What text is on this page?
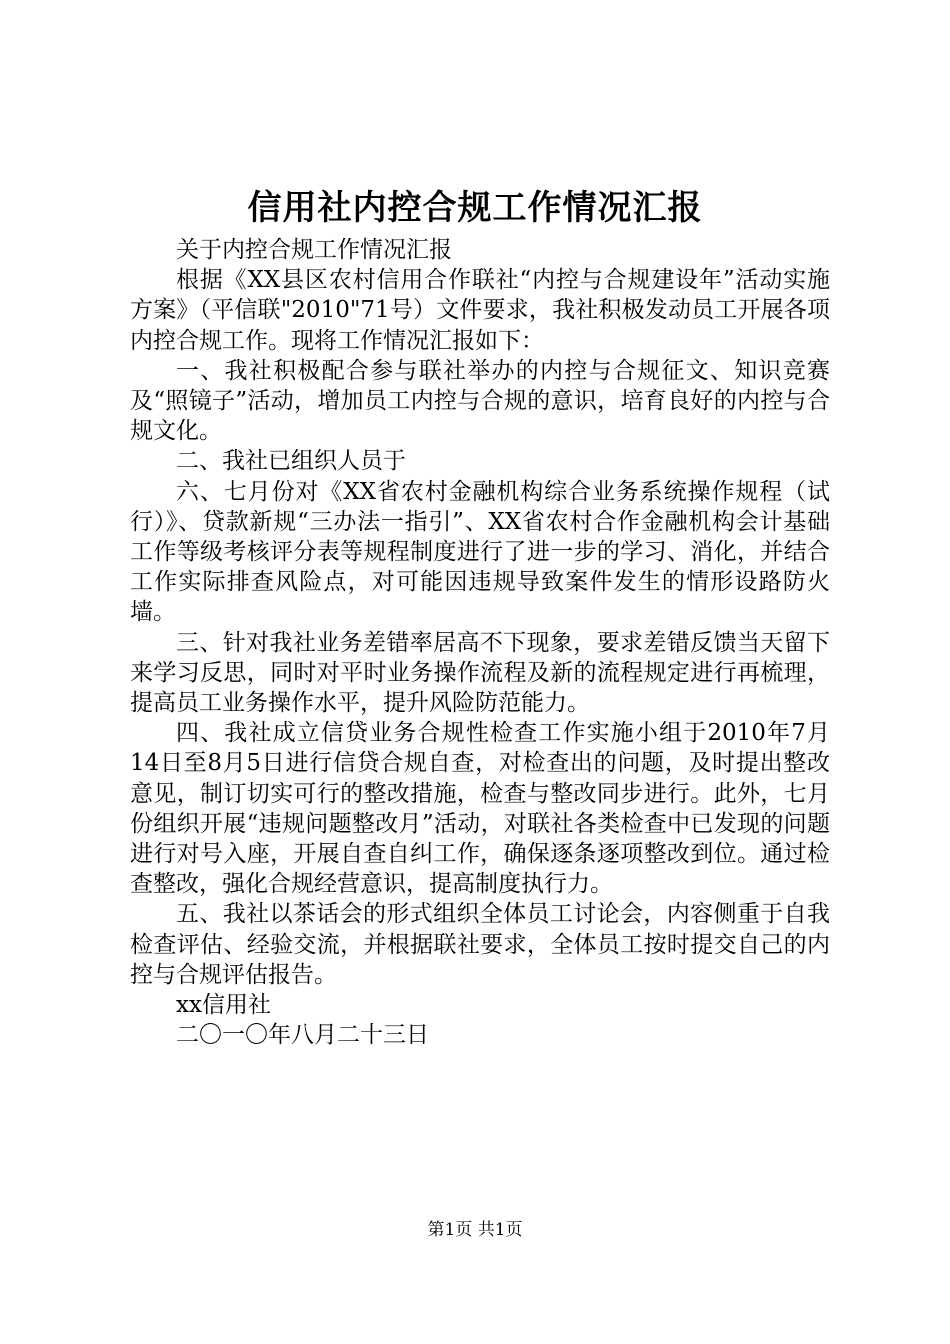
信用社内控合规工作情况汇报

关于内控合规工作情况汇报

根据《XX县区农村信用合作联社“内控与合规建设年”活动实施方案》（平信联"2010"71号）文件要求，我社积极发动员工开展各项内控合规工作。现将工作情况汇报如下：

一、我社积极配合参与联社举办的内控与合规征文、知识竞赛及“照镜子”活动，增加员工内控与合规的意识，培育良好的内控与合规文化。

二、我社已组织人员于

六、七月份对《XX省农村金融机构综合业务系统操作规程（试行）》、贷款新规“三办法一指引”、XX省农村合作金融机构会计基础工作等级考核评分表等规程制度进行了进一步的学习、消化，并结合工作实际排查风险点，对可能因违规导致案件发生的情形设路防火墙。

三、针对我社业务差错率居高不下现象，要求差错反馈当天留下来学习反思，同时对平时业务操作流程及新的流程规定进行再梳理，提高员工业务操作水平，提升风险防范能力。

四、我社成立信贷业务合规性检查工作实施小组于2010年7月14日至8月5日进行信贷合规自查，对检查出的问题，及时提出整改意见，制订切实可行的整改措施，检查与整改同步进行。此外，七月份组织开展“违规问题整改月”活动，对联社各类检查中已发现的问题进行对号入座，开展自查自纠工作，确保逐条逐项整改到位。通过检查整改，强化合规经营意识，提高制度执行力。

五、我社以茶话会的形式组织全体员工讨论会，内容侧重于自我检查评估、经验交流，并根据联社要求，全体员工按时提交自己的内控与合规评估报告。

xx信用社

二〇一〇年八月二十三日

第1页 共1页
